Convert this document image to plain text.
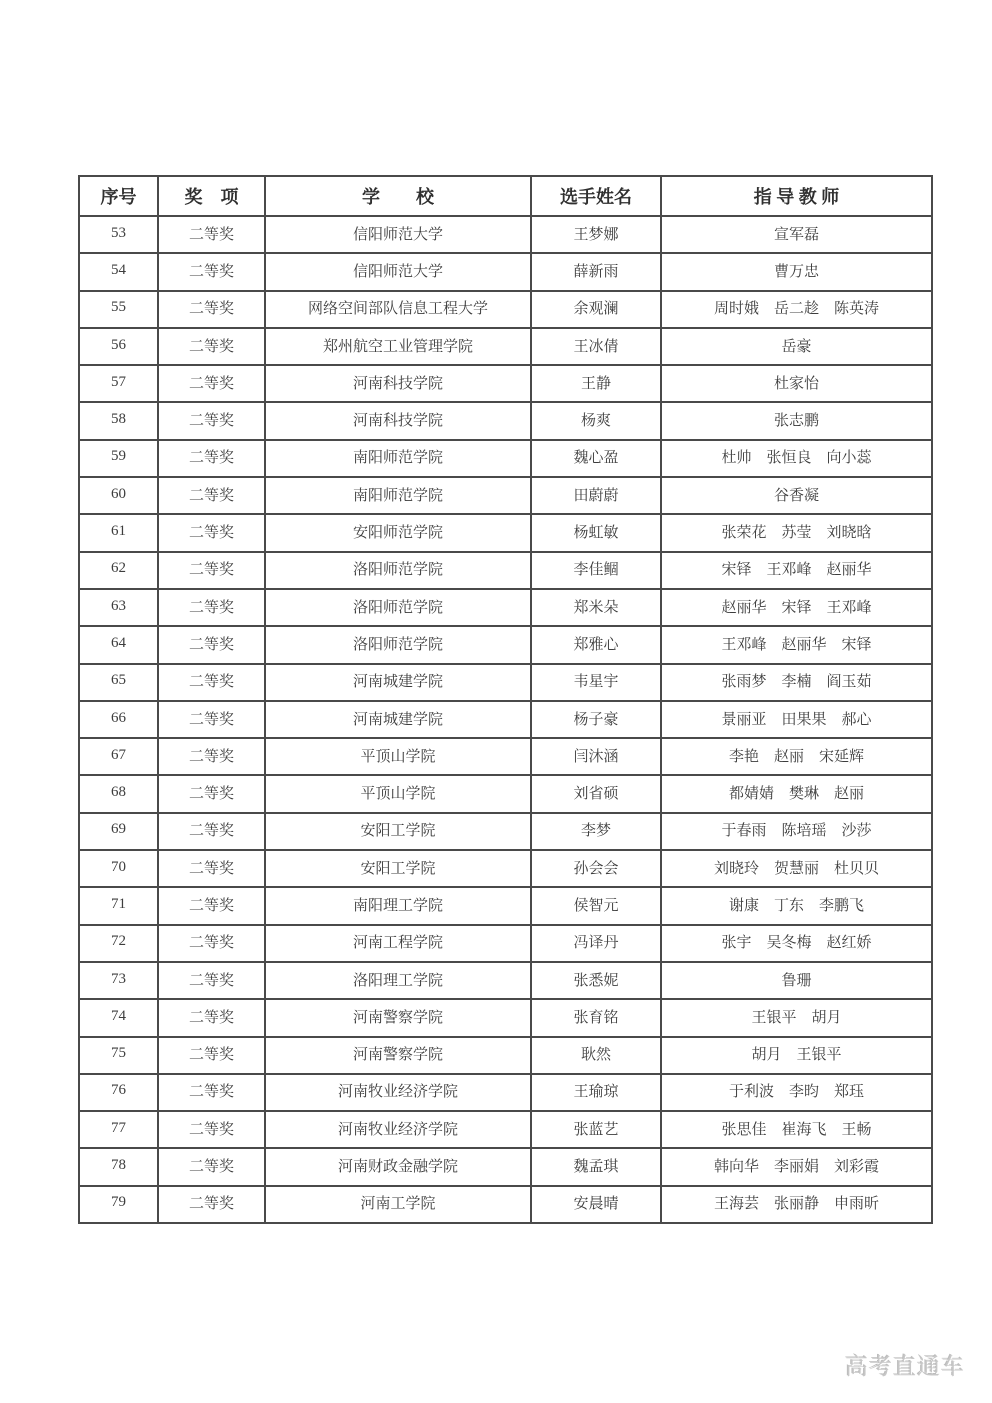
序号	奖　项	学　　校	选手姓名	指 导 教 师
53	二等奖	信阳师范大学	王梦娜	宣军磊
54	二等奖	信阳师范大学	薛新雨	曹万忠
55	二等奖	网络空间部队信息工程大学	余观澜	周时娥　岳二趁　陈英涛
56	二等奖	郑州航空工业管理学院	王冰倩	岳豪
57	二等奖	河南科技学院	王静	杜家怡
58	二等奖	河南科技学院	杨爽	张志鹏
59	二等奖	南阳师范学院	魏心盈	杜帅　张恒良　向小蕊
60	二等奖	南阳师范学院	田蔚蔚	谷香凝
61	二等奖	安阳师范学院	杨虹敏	张荣花　苏莹　刘晓晗
62	二等奖	洛阳师范学院	李佳鲴	宋铎　王邓峰　赵丽华
63	二等奖	洛阳师范学院	郑米朵	赵丽华　宋铎　王邓峰
64	二等奖	洛阳师范学院	郑雅心	王邓峰　赵丽华　宋铎
65	二等奖	河南城建学院	韦星宇	张雨梦　李楠　阎玉茹
66	二等奖	河南城建学院	杨子豪	景丽亚　田果果　郝心
67	二等奖	平顶山学院	闫沐涵	李艳　赵丽　宋延辉
68	二等奖	平顶山学院	刘省硕	都婧婧　樊琳　赵丽
69	二等奖	安阳工学院	李梦	于春雨　陈培瑶　沙莎
70	二等奖	安阳工学院	孙会会	刘晓玲　贺慧丽　杜贝贝
71	二等奖	南阳理工学院	侯智元	谢康　丁东　李鹏飞
72	二等奖	河南工程学院	冯译丹	张宇　吴冬梅　赵红娇
73	二等奖	洛阳理工学院	张悉妮	鲁珊
74	二等奖	河南警察学院	张育铭	王银平　胡月
75	二等奖	河南警察学院	耿然	胡月　王银平
76	二等奖	河南牧业经济学院	王瑜琼	于利波　李昀　郑珏
77	二等奖	河南牧业经济学院	张蓝艺	张思佳　崔海飞　王畅
78	二等奖	河南财政金融学院	魏孟琪	韩向华　李丽娟　刘彩霞
79	二等奖	河南工学院	安晨晴	王海芸　张丽静　申雨昕
高考直通车
